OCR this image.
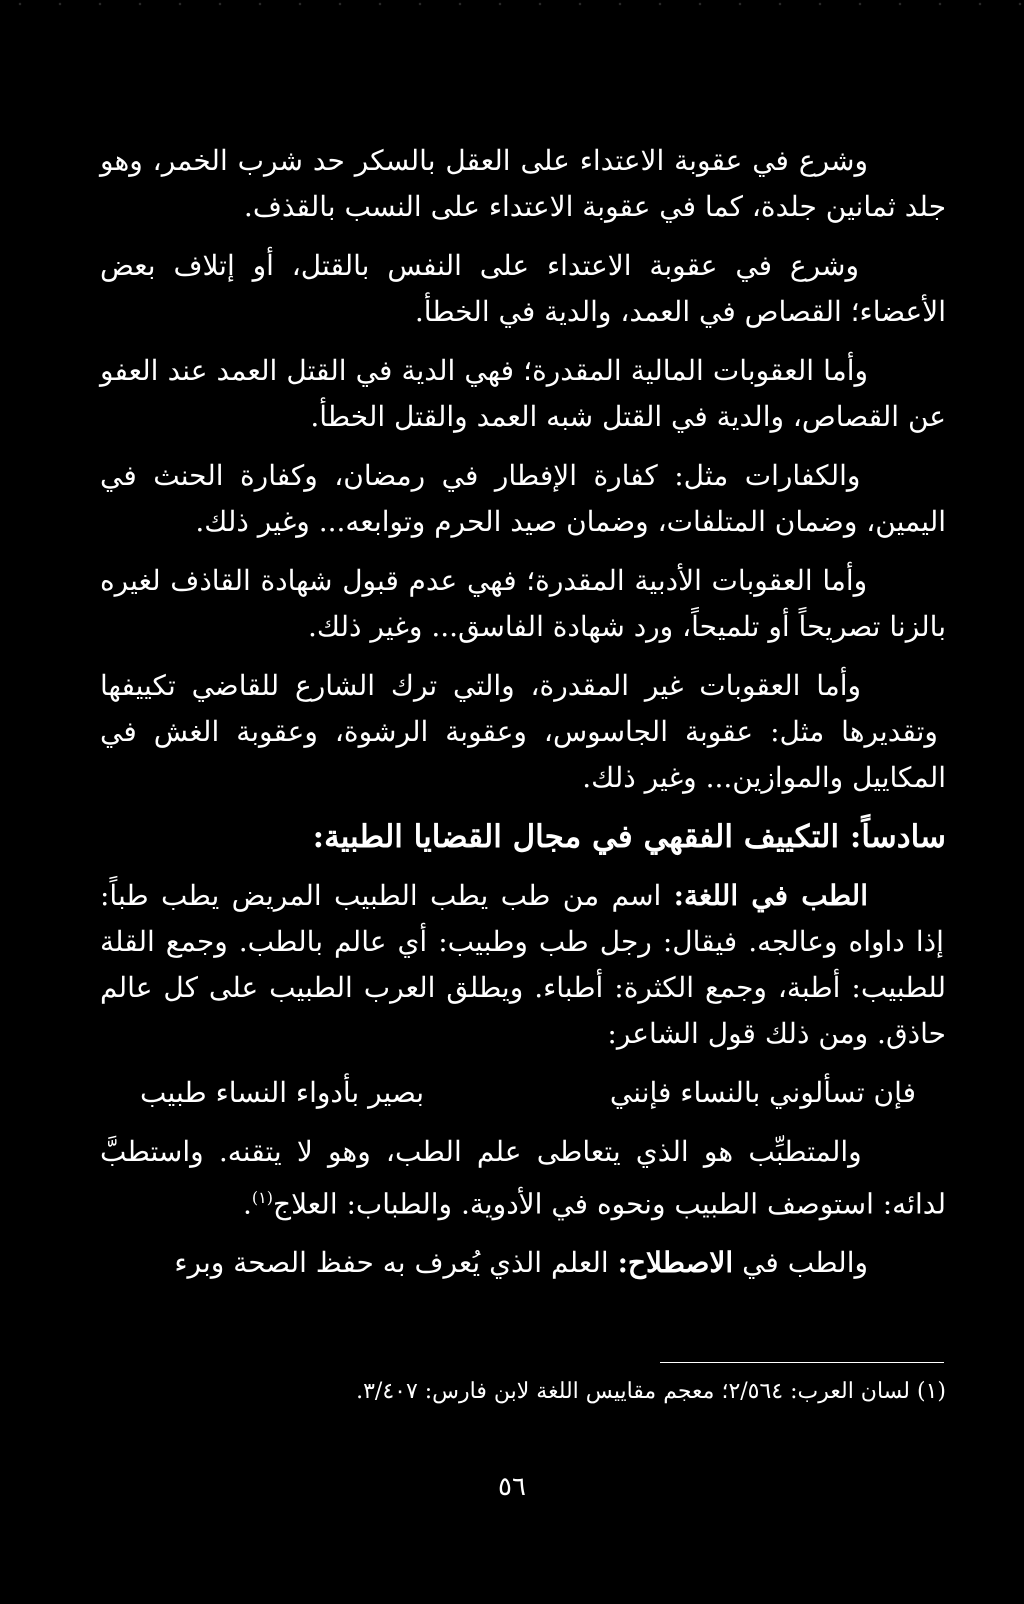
وشرع في عقوبة الاعتداء على العقل بالسكر حد شرب الخمر، وهو جلد ثمانين جلدة، كما في عقوبة الاعتداء على النسب بالقذف.

وشرع في عقوبة الاعتداء على النفس بالقتل، أو إتلاف بعض الأعضاء؛ القصاص في العمد، والدية في الخطأ.

وأما العقوبات المالية المقدرة؛ فهي الدية في القتل العمد عند العفو عن القصاص، والدية في القتل شبه العمد والقتل الخطأ.

والكفارات مثل: كفارة الإفطار في رمضان، وكفارة الحنث في اليمين، وضمان المتلفات، وضمان صيد الحرم وتوابعه... وغير ذلك.

وأما العقوبات الأدبية المقدرة؛ فهي عدم قبول شهادة القاذف لغيره بالزنا تصريحاً أو تلميحاً، ورد شهادة الفاسق... وغير ذلك.

وأما العقوبات غير المقدرة، والتي ترك الشارع للقاضي تكييفها وتقديرها مثل: عقوبة الجاسوس، وعقوبة الرشوة، وعقوبة الغش في المكاييل والموازين... وغير ذلك.

سادساً: التكييف الفقهي في مجال القضايا الطبية:

الطب في اللغة: اسم من طب يطب الطبيب المريض يطب طباً: إذا داواه وعالجه. فيقال: رجل طب وطبيب: أي عالم بالطب. وجمع القلة للطبيب: أطبة، وجمع الكثرة: أطباء. ويطلق العرب الطبيب على كل عالم حاذق. ومن ذلك قول الشاعر:

فإن تسألوني بالنساء فإنني
بصير بأدواء النساء طبيب

والمتطبِّب هو الذي يتعاطى علم الطب، وهو لا يتقنه. واستطبَّ لدائه: استوصف الطبيب ونحوه في الأدوية. والطباب: العلاج$^{(١)}$.

والطب في الاصطلاح: العلم الذي يُعرف به حفظ الصحة وبرء

(١) لسان العرب: ٢/٥٦٤؛ معجم مقاييس اللغة لابن فارس: ٣/٤٠٧.
٥٦
